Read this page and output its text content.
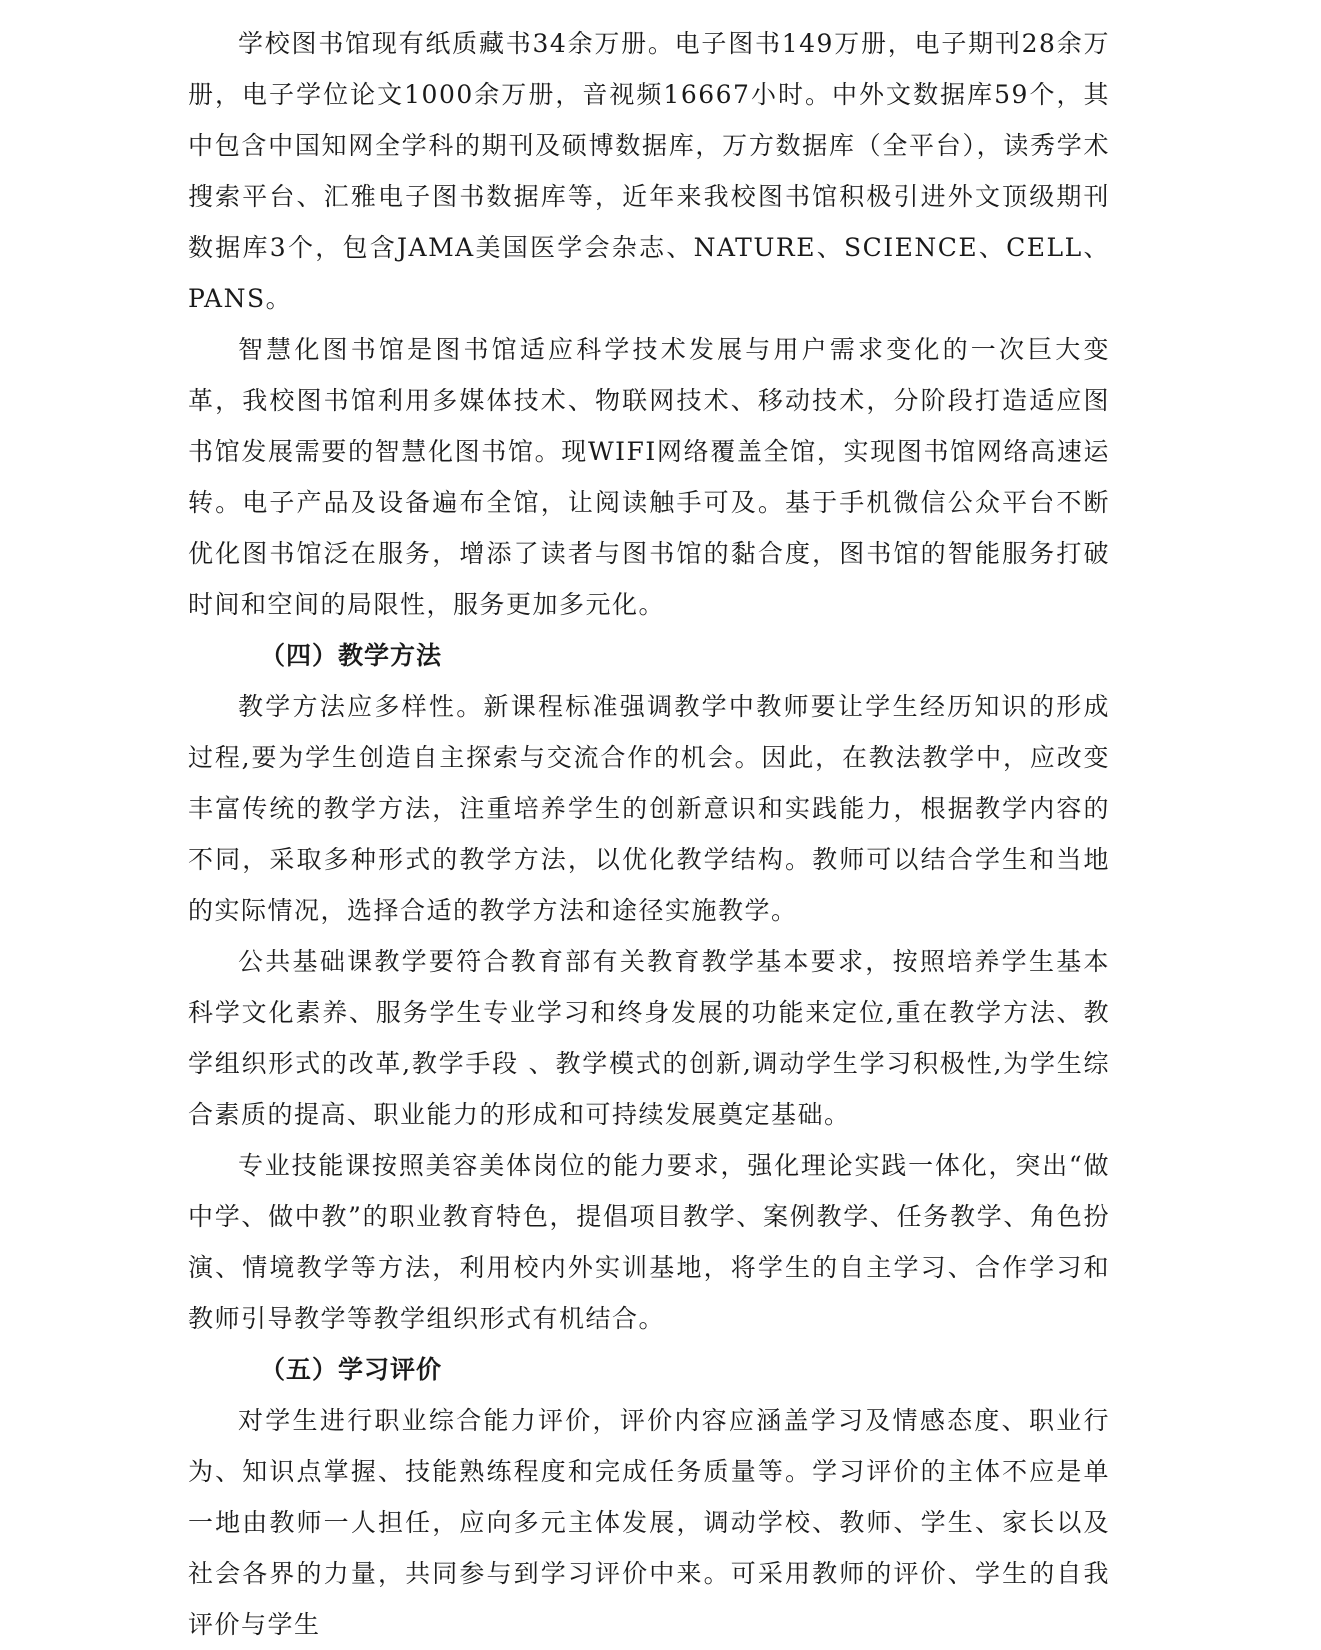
学校图书馆现有纸质藏书34余万册。电子图书149万册，电子期刊28余万册，电子学位论文1000余万册，音视频16667小时。中外文数据库59个，其中包含中国知网全学科的期刊及硕博数据库，万方数据库（全平台），读秀学术搜索平台、汇雅电子图书数据库等，近年来我校图书馆积极引进外文顶级期刊数据库3个，包含JAMA美国医学会杂志、NATURE、SCIENCE、CELL、PANS。

智慧化图书馆是图书馆适应科学技术发展与用户需求变化的一次巨大变革，我校图书馆利用多媒体技术、物联网技术、移动技术，分阶段打造适应图书馆发展需要的智慧化图书馆。现WIFI网络覆盖全馆，实现图书馆网络高速运转。电子产品及设备遍布全馆，让阅读触手可及。基于手机微信公众平台不断优化图书馆泛在服务，增添了读者与图书馆的黏合度，图书馆的智能服务打破时间和空间的局限性，服务更加多元化。

（四）教学方法

教学方法应多样性。新课程标准强调教学中教师要让学生经历知识的形成过程,要为学生创造自主探索与交流合作的机会。因此，在教法教学中，应改变丰富传统的教学方法，注重培养学生的创新意识和实践能力，根据教学内容的不同，采取多种形式的教学方法，以优化教学结构。教师可以结合学生和当地的实际情况，选择合适的教学方法和途径实施教学。

公共基础课教学要符合教育部有关教育教学基本要求，按照培养学生基本科学文化素养、服务学生专业学习和终身发展的功能来定位,重在教学方法、教学组织形式的改革,教学手段 、教学模式的创新,调动学生学习积极性,为学生综合素质的提高、职业能力的形成和可持续发展奠定基础。

专业技能课按照美容美体岗位的能力要求，强化理论实践一体化，突出“做中学、做中教”的职业教育特色，提倡项目教学、案例教学、任务教学、角色扮演、情境教学等方法，利用校内外实训基地，将学生的自主学习、合作学习和教师引导教学等教学组织形式有机结合。

（五）学习评价

对学生进行职业综合能力评价，评价内容应涵盖学习及情感态度、职业行为、知识点掌握、技能熟练程度和完成任务质量等。学习评价的主体不应是单一地由教师一人担任，应向多元主体发展，调动学校、教师、学生、家长以及社会各界的力量，共同参与到学习评价中来。可采用教师的评价、学生的自我评价与学生
